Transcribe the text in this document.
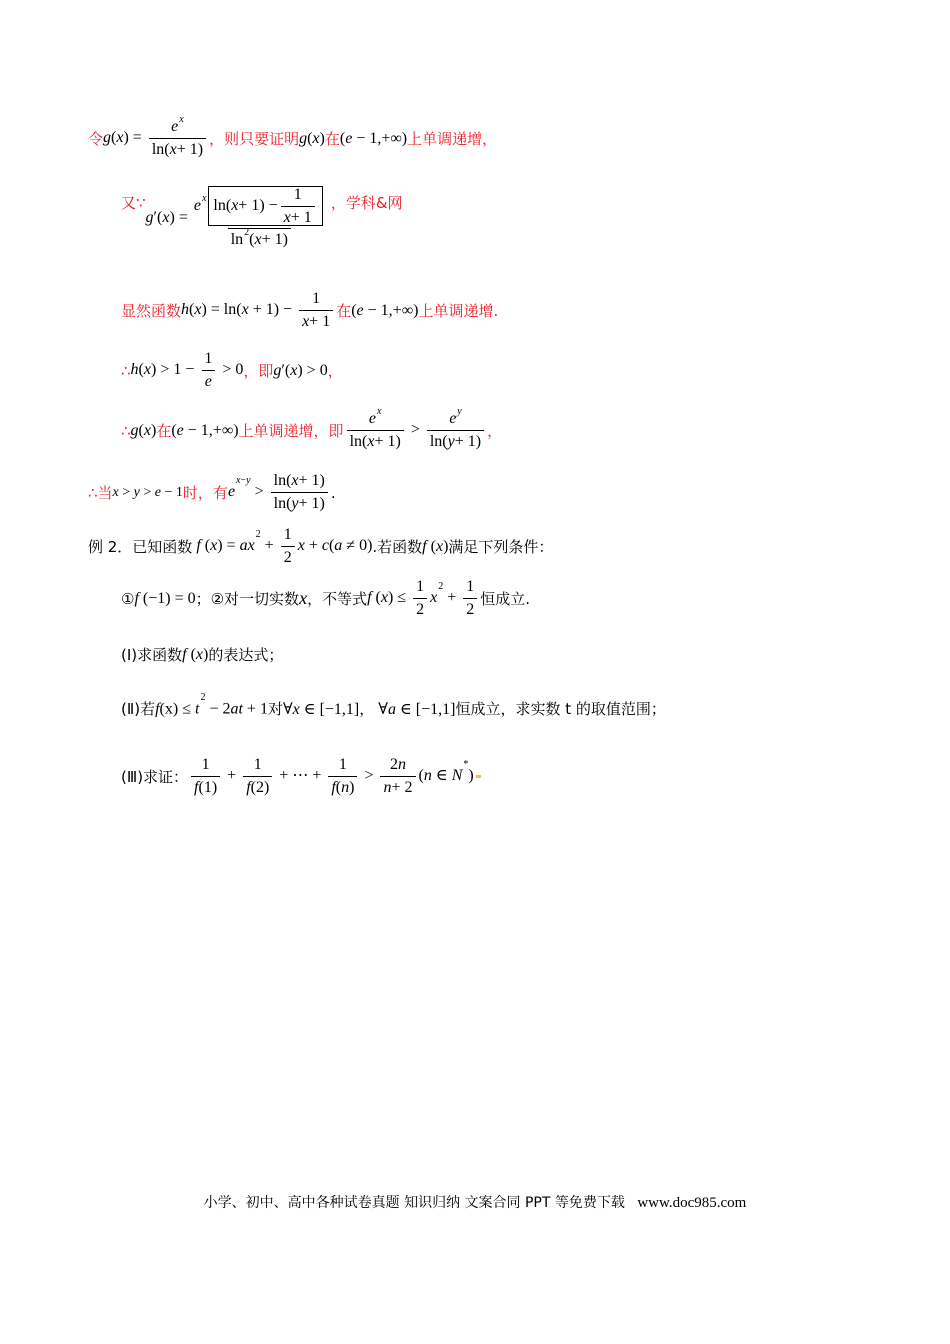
令 $g(x) = \frac{e ^x}{\ln( x + 1)}$ ，则只要证明 g(x) 在 (e − 1,+∞) 上单调递增，
又∵
g ′( x ) = $\frac{e ^x \ln( x + 1) - \frac{1}{x + 1}}{\ln^2 ( x + 1)}$ ，学科&网
显然函数 $h(x) = \ln(x + 1) - \frac{1}{x + 1}$ 在 (e − 1,+∞) 上单调递增.
∴ $h(x) > 1 - \frac{1}{e} > 0$ ，即 g′(x) > 0 ，
∴ g(x) 在 (e − 1,+∞) 上单调递增，即 $\frac{e ^x}{\ln( x + 1)} > \frac{e ^y}{\ln( y + 1)}$ ，
∴当 x > y > e − 1 时，有 $e^{x-y} > \frac{\ln( x + 1)}{\ln( y + 1)}$ .
例 2．已知函数 f $(x) = ax^2 + \frac{1}{2}$ x + c(a ≠ 0) .若函数 f (x) 满足下列条件：
① f (−1) = 0 ；②对一切实数 x ，不等式 f $(x) \le \frac{1}{2} x^2 + \frac{1}{2}$ 恒成立.
(Ⅰ)求函数 f (x) 的表达式；
(Ⅱ)若 $f(x) \le t^2 - 2at + 1$ 对 ∀x ∈ [−1,1] ， ∀a ∈ [−1,1] 恒成立，求实数 t 的取值范围；
(Ⅲ)求证： $\frac{1}{f (1)} + \frac{1}{f (2)}$ + ⋯ + $\frac{1}{f ( n )} > \frac{2 n}{n + 2} (n$ ∈ N*)
小学、初中、高中各种试卷真题 知识归纳 文案合同 PPT 等免费下载 www.doc985.com
